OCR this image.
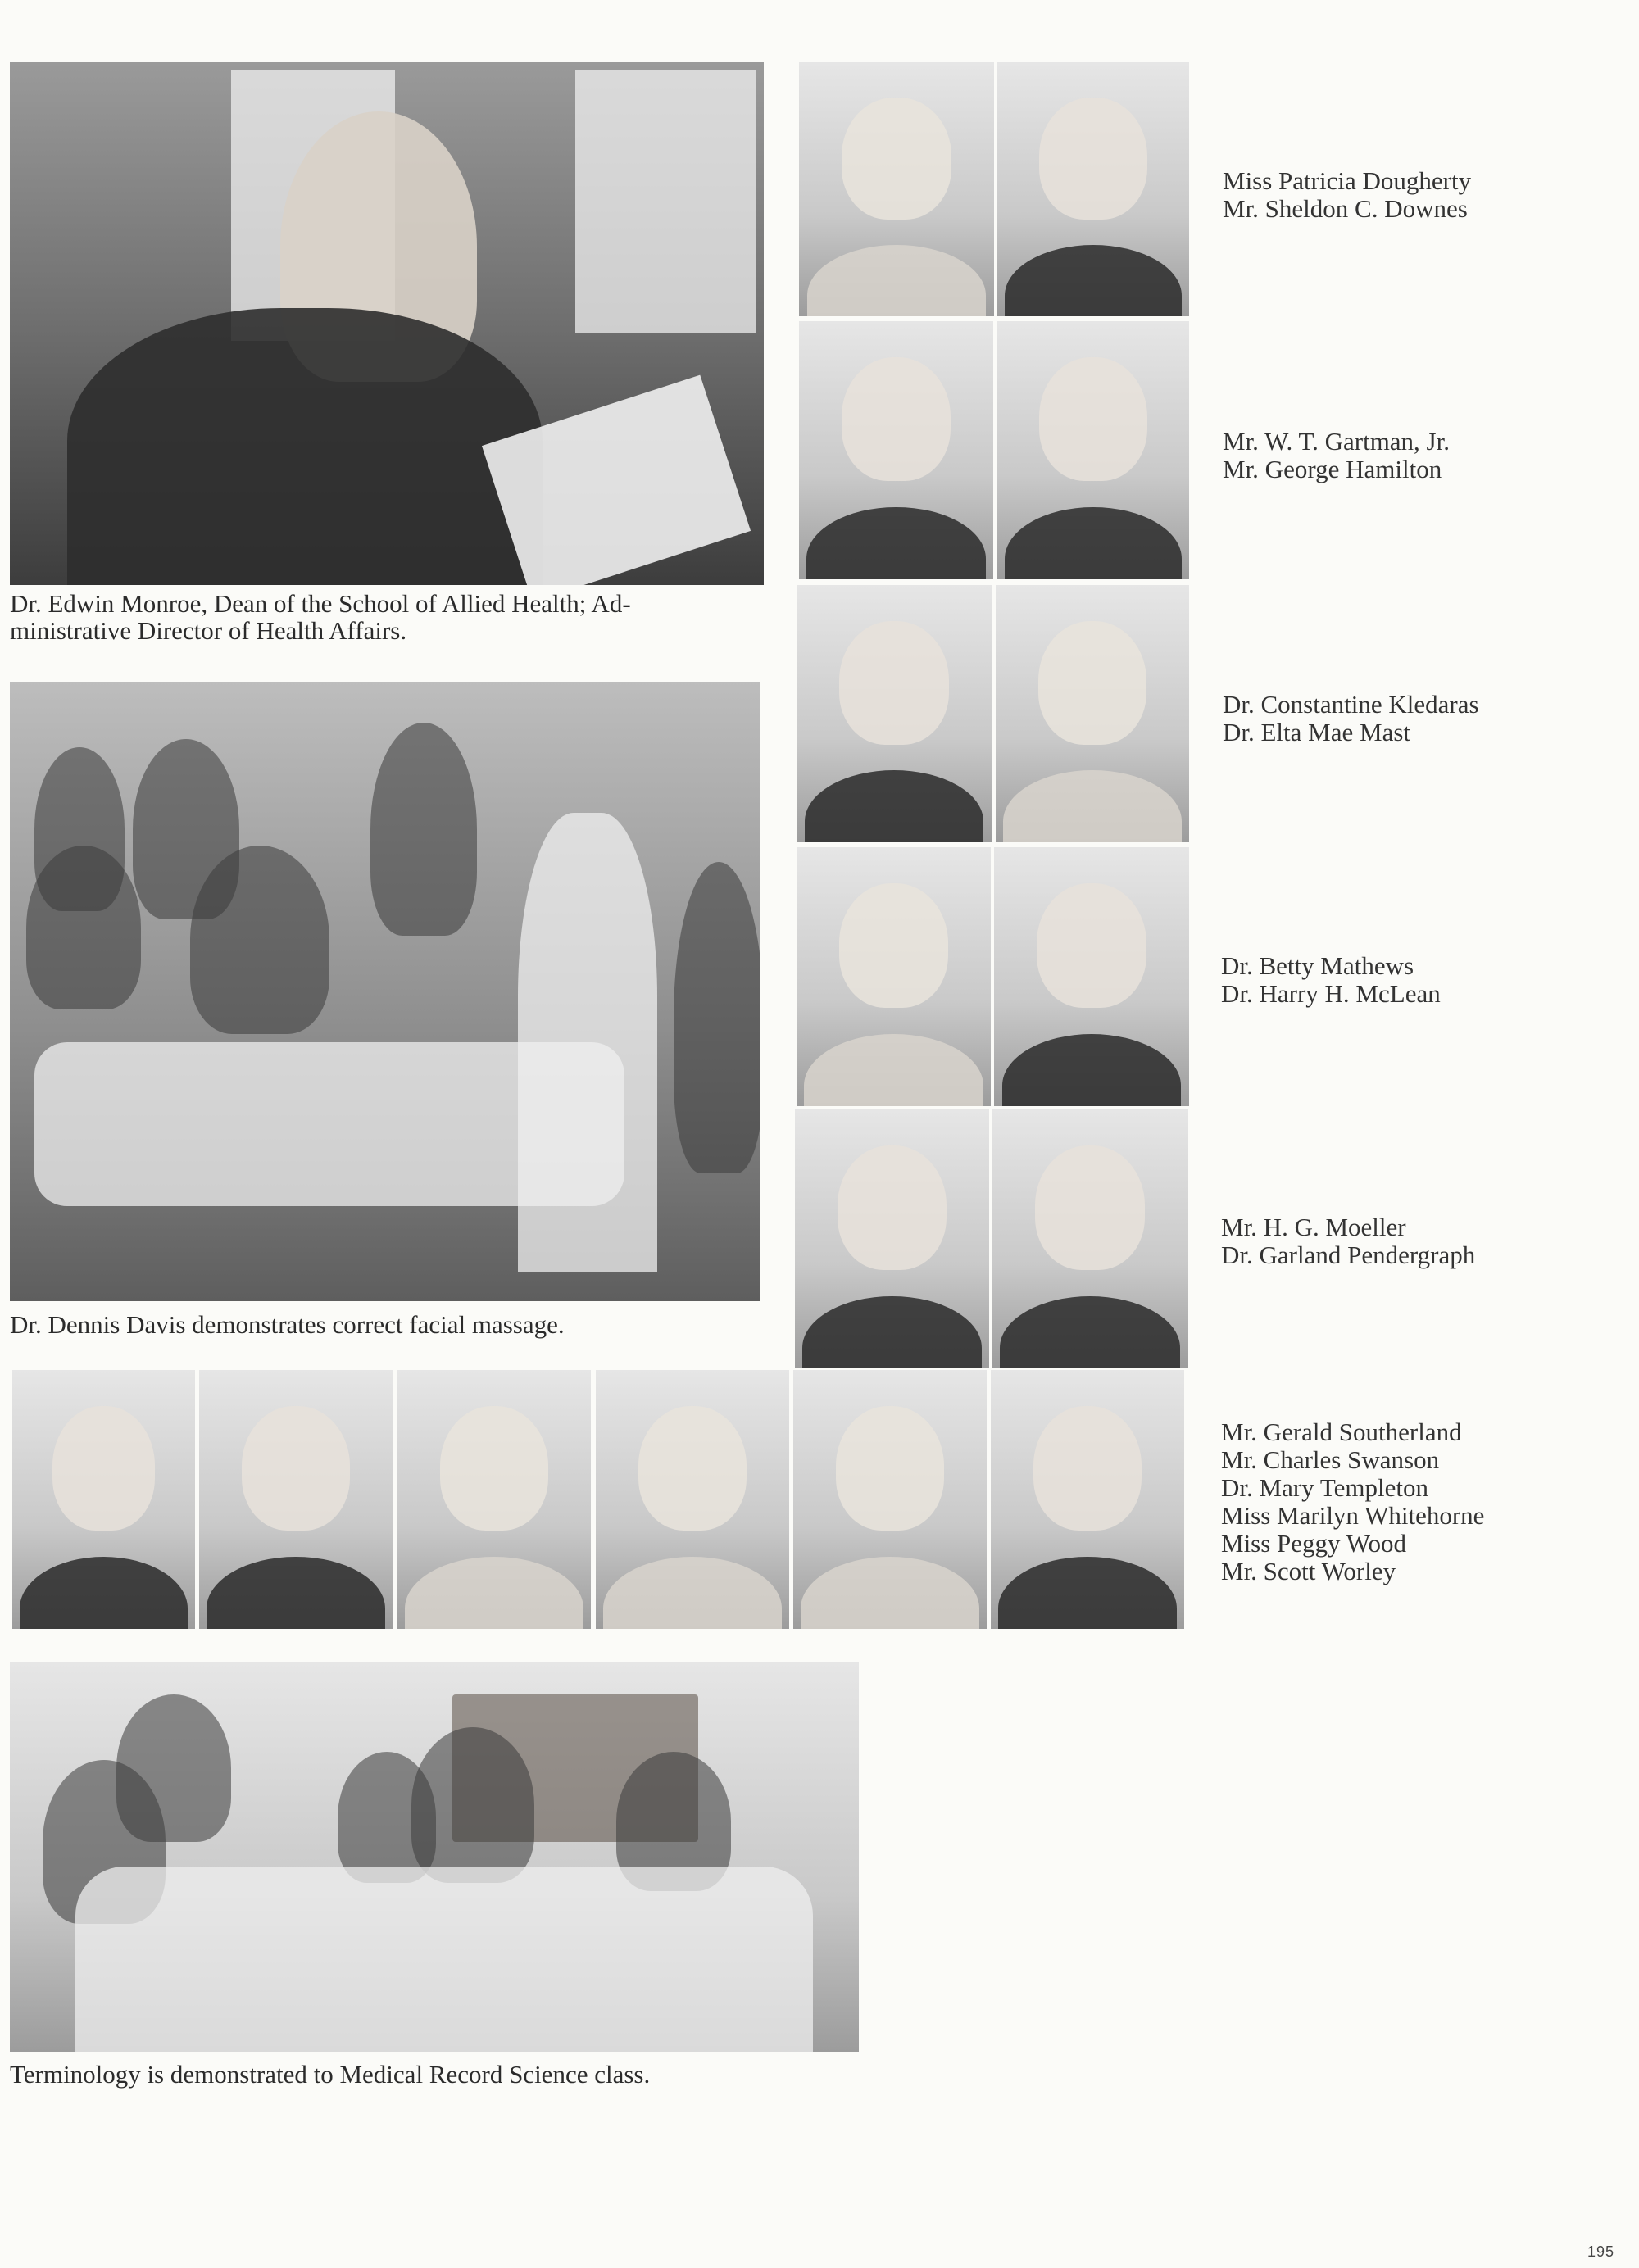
Dr. Edwin Monroe, Dean of the School of Allied Health; Ad-
ministrative Director of Health Affairs.
Dr. Dennis Davis demonstrates correct facial massage.
Terminology is demonstrated to Medical Record Science class.
Miss Patricia Dougherty
Mr. Sheldon C. Downes
Mr. W. T. Gartman, Jr.
Mr. George Hamilton
Dr. Constantine Kledaras
Dr. Elta Mae Mast
Dr. Betty Mathews
Dr. Harry H. McLean
Mr. H. G. Moeller
Dr. Garland Pendergraph
Mr. Gerald Southerland
Mr. Charles Swanson
Dr. Mary Templeton
Miss Marilyn Whitehorne
Miss Peggy Wood
Mr. Scott Worley
195
